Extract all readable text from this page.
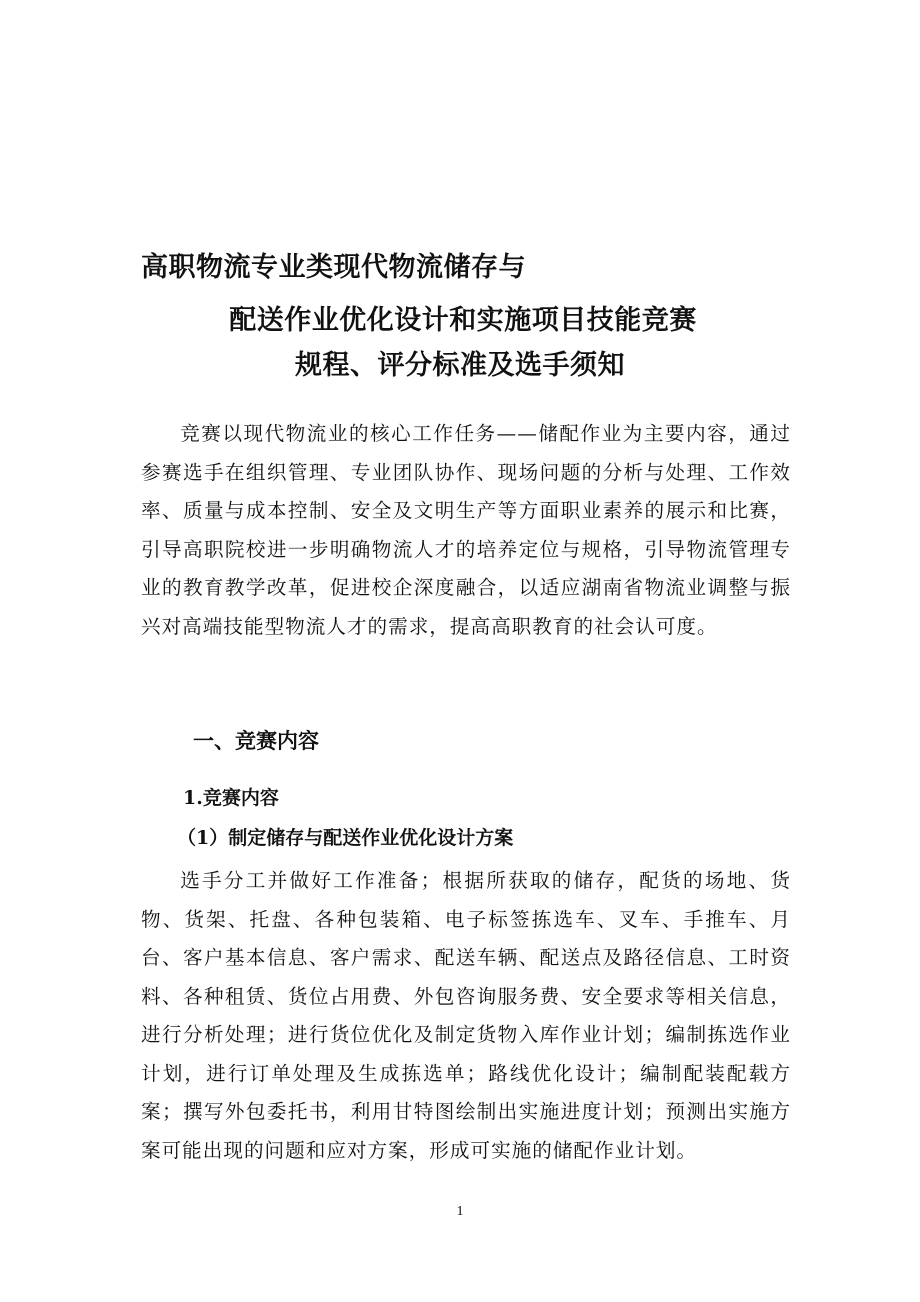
高职物流专业类现代物流储存与
配送作业优化设计和实施项目技能竞赛
规程、评分标准及选手须知

竞赛以现代物流业的核心工作任务——储配作业为主要内容，通过参赛选手在组织管理、专业团队协作、现场问题的分析与处理、工作效率、质量与成本控制、安全及文明生产等方面职业素养的展示和比赛，引导高职院校进一步明确物流人才的培养定位与规格，引导物流管理专业的教育教学改革，促进校企深度融合，以适应湖南省物流业调整与振兴对高端技能型物流人才的需求，提高高职教育的社会认可度。

一、竞赛内容
1.竞赛内容
（1）制定储存与配送作业优化设计方案

选手分工并做好工作准备；根据所获取的储存，配货的场地、货物、货架、托盘、各种包装箱、电子标签拣选车、叉车、手推车、月台、客户基本信息、客户需求、配送车辆、配送点及路径信息、工时资料、各种租赁、货位占用费、外包咨询服务费、安全要求等相关信息，进行分析处理；进行货位优化及制定货物入库作业计划；编制拣选作业计划，进行订单处理及生成拣选单；路线优化设计；编制配装配载方案；撰写外包委托书，利用甘特图绘制出实施进度计划；预测出实施方案可能出现的问题和应对方案，形成可实施的储配作业计划。

1
